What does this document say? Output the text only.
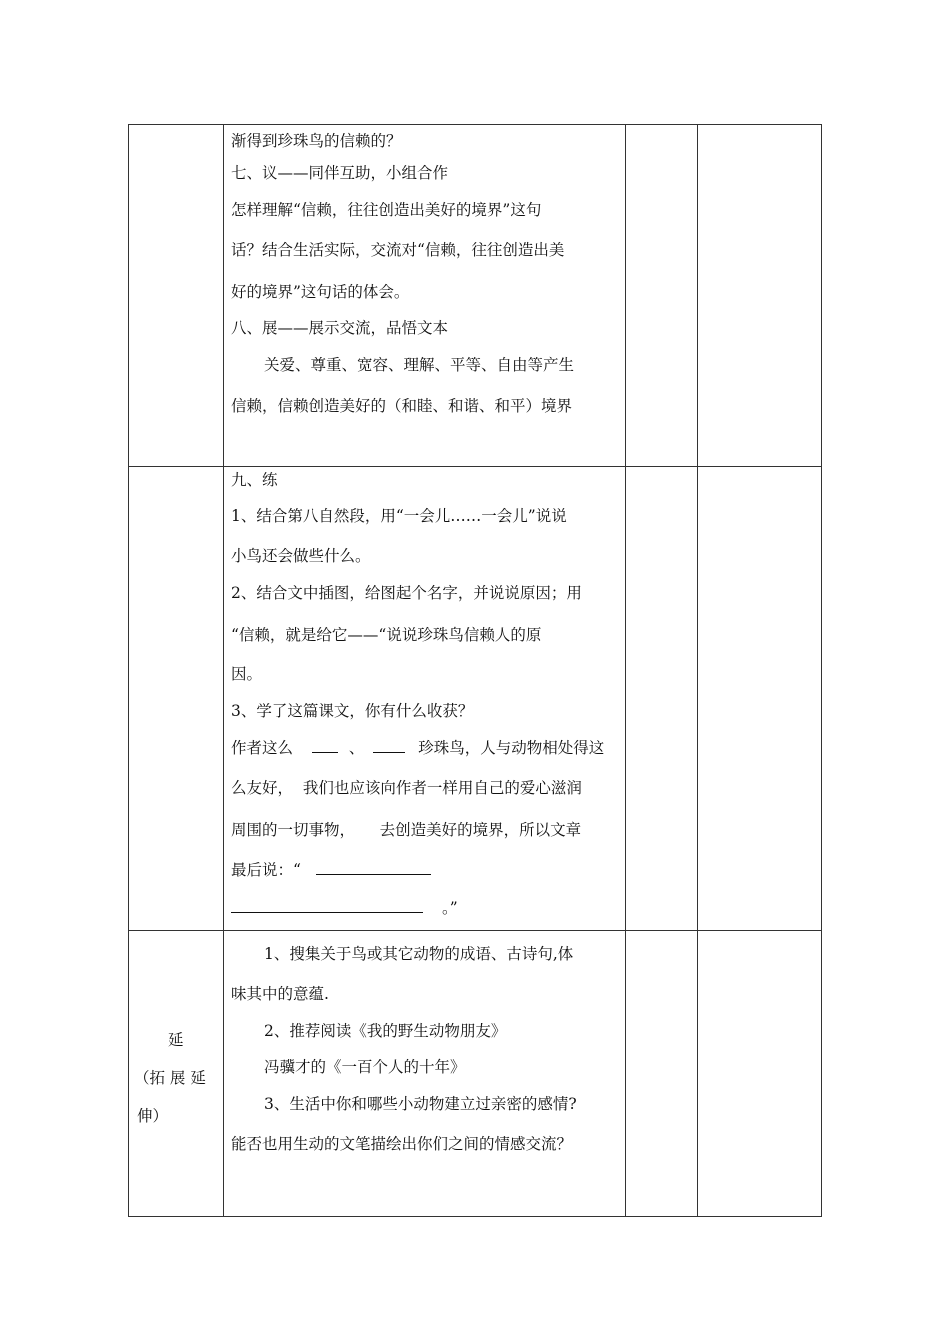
渐得到珍珠鸟的信赖的？
七、议——同伴互助，小组合作
怎样理解“信赖，往往创造出美好的境界”这句
话？结合生活实际，交流对“信赖，往往创造出美
好的境界”这句话的体会。
八、展——展示交流，品悟文本
关爱、尊重、宽容、理解、平等、自由等产生
信赖，信赖创造美好的（和睦、和谐、和平）境界
九、练
1、结合第八自然段，用“一会儿……一会儿”说说
小鸟还会做些什么。
2、结合文中插图，给图起个名字，并说说原因；用
“信赖，就是给它——“说说珍珠鸟信赖人的原
因。
3、学了这篇课文，你有什么收获？
作者这么	、	珍珠鸟，人与动物相处得这
么友好，  我们也应该向作者一样用自己的爱心滋润
周围的一切事物，     去创造美好的境界，所以文章
最后说：“
。”
延
（拓 展 延
伸）
1、搜集关于鸟或其它动物的成语、古诗句,体
味其中的意蕴.
2、推荐阅读《我的野生动物朋友》
冯骥才的《一百个人的十年》
3、生活中你和哪些小动物建立过亲密的感情?
能否也用生动的文笔描绘出你们之间的情感交流？
